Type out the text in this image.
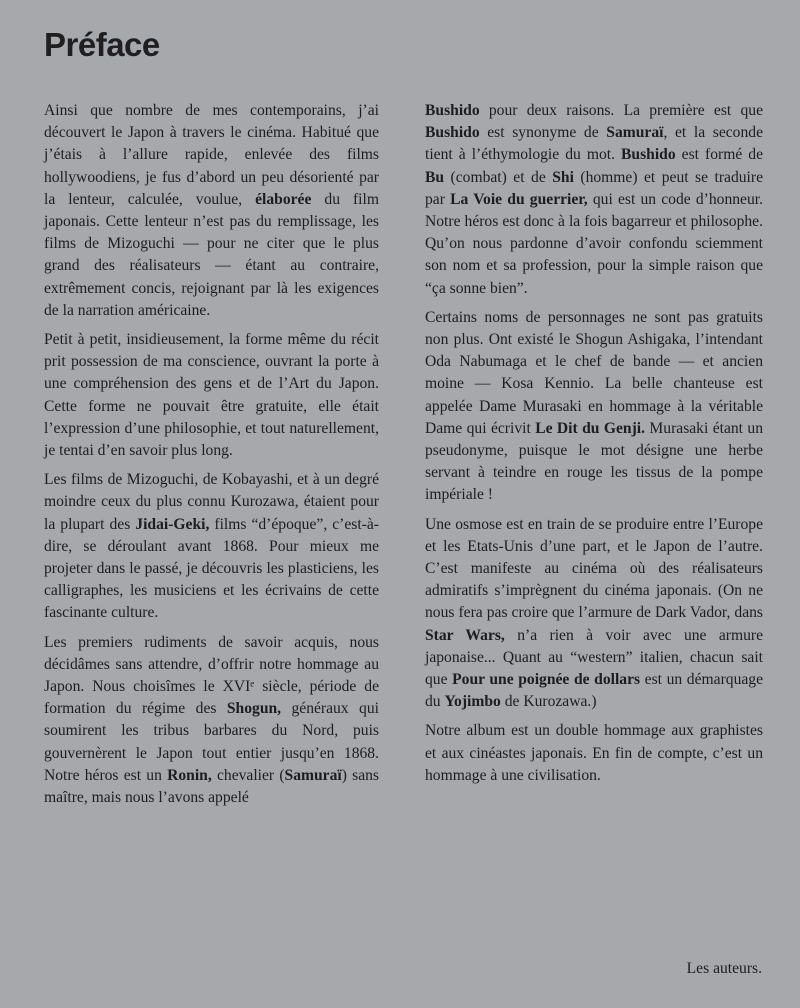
Préface

Ainsi que nombre de mes contemporains, j’ai découvert le Japon à travers le cinéma. Habitué que j’étais à l’allure rapide, enlevée des films hollywoodiens, je fus d’abord un peu désorienté par la lenteur, calculée, voulue, élaborée du film japonais. Cette lenteur n’est pas du remplissage, les films de Mizoguchi — pour ne citer que le plus grand des réalisateurs — étant au contraire, extrêmement concis, rejoignant par là les exigences de la narration américaine.

Petit à petit, insidieusement, la forme même du récit prit possession de ma conscience, ouvrant la porte à une compréhension des gens et de l’Art du Japon. Cette forme ne pouvait être gratuite, elle était l’expression d’une philosophie, et tout naturellement, je tentai d’en savoir plus long.

Les films de Mizoguchi, de Kobayashi, et à un degré moindre ceux du plus connu Kurozawa, étaient pour la plupart des Jidai-Geki, films “d’époque”, c’est-à-dire, se déroulant avant 1868. Pour mieux me projeter dans le passé, je découvris les plasticiens, les calligraphes, les musiciens et les écrivains de cette fascinante culture.

Les premiers rudiments de savoir acquis, nous décidâmes sans attendre, d’offrir notre hommage au Japon. Nous choisîmes le XVIᵉ siècle, période de formation du régime des Shogun, généraux qui soumirent les tribus barbares du Nord, puis gouvernèrent le Japon tout entier jusqu’en 1868. Notre héros est un Ronin, chevalier (Samuraï) sans maître, mais nous l’avons appelé

Bushido pour deux raisons. La première est que Bushido est synonyme de Samuraï, et la seconde tient à l’éthymologie du mot. Bushido est formé de Bu (combat) et de Shi (homme) et peut se traduire par La Voie du guerrier, qui est un code d’honneur. Notre héros est donc à la fois bagarreur et philosophe. Qu’on nous pardonne d’avoir confondu sciemment son nom et sa profession, pour la simple raison que “ça sonne bien”.

Certains noms de personnages ne sont pas gratuits non plus. Ont existé le Shogun Ashigaka, l’intendant Oda Nabumaga et le chef de bande — et ancien moine — Kosa Kennio. La belle chanteuse est appelée Dame Murasaki en hommage à la véritable Dame qui écrivit Le Dit du Genji. Murasaki étant un pseudonyme, puisque le mot désigne une herbe servant à teindre en rouge les tissus de la pompe impériale !

Une osmose est en train de se produire entre l’Europe et les Etats-Unis d’une part, et le Japon de l’autre. C’est manifeste au cinéma où des réalisateurs admiratifs s’imprègnent du cinéma japonais. (On ne nous fera pas croire que l’armure de Dark Vador, dans Star Wars, n’a rien à voir avec une armure japonaise... Quant au “western” italien, chacun sait que Pour une poignée de dollars est un démarquage du Yojimbo de Kurozawa.)

Notre album est un double hommage aux graphistes et aux cinéastes japonais. En fin de compte, c’est un hommage à une civilisation.

Les auteurs.
